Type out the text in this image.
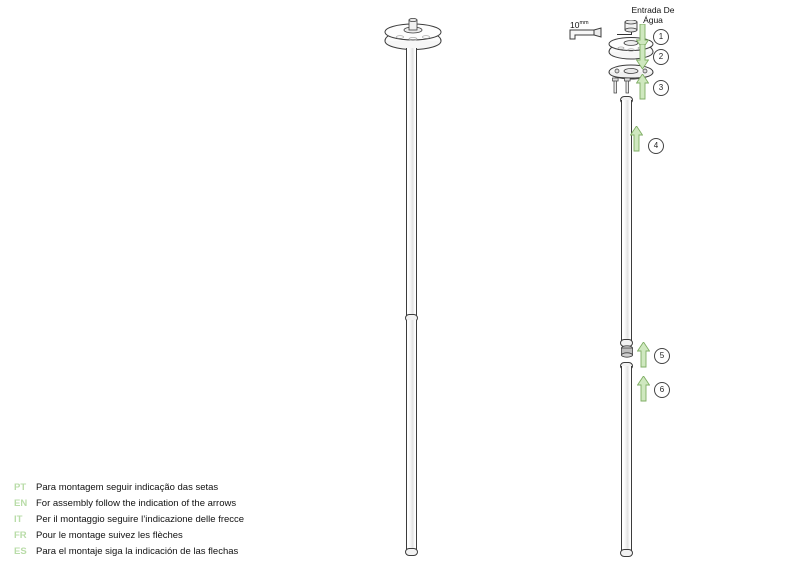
Entrada De
Água
$10^{mm}$
1
2
3
4
5
6
PT	Para montagem seguir indicação das setas
EN For assembly follow the indication of the arrows
IT	Per il montaggio seguire l’indicazione delle frecce
FR Pour le montage suivez les flèches
ES Para el montaje siga la indicación de las flechas
